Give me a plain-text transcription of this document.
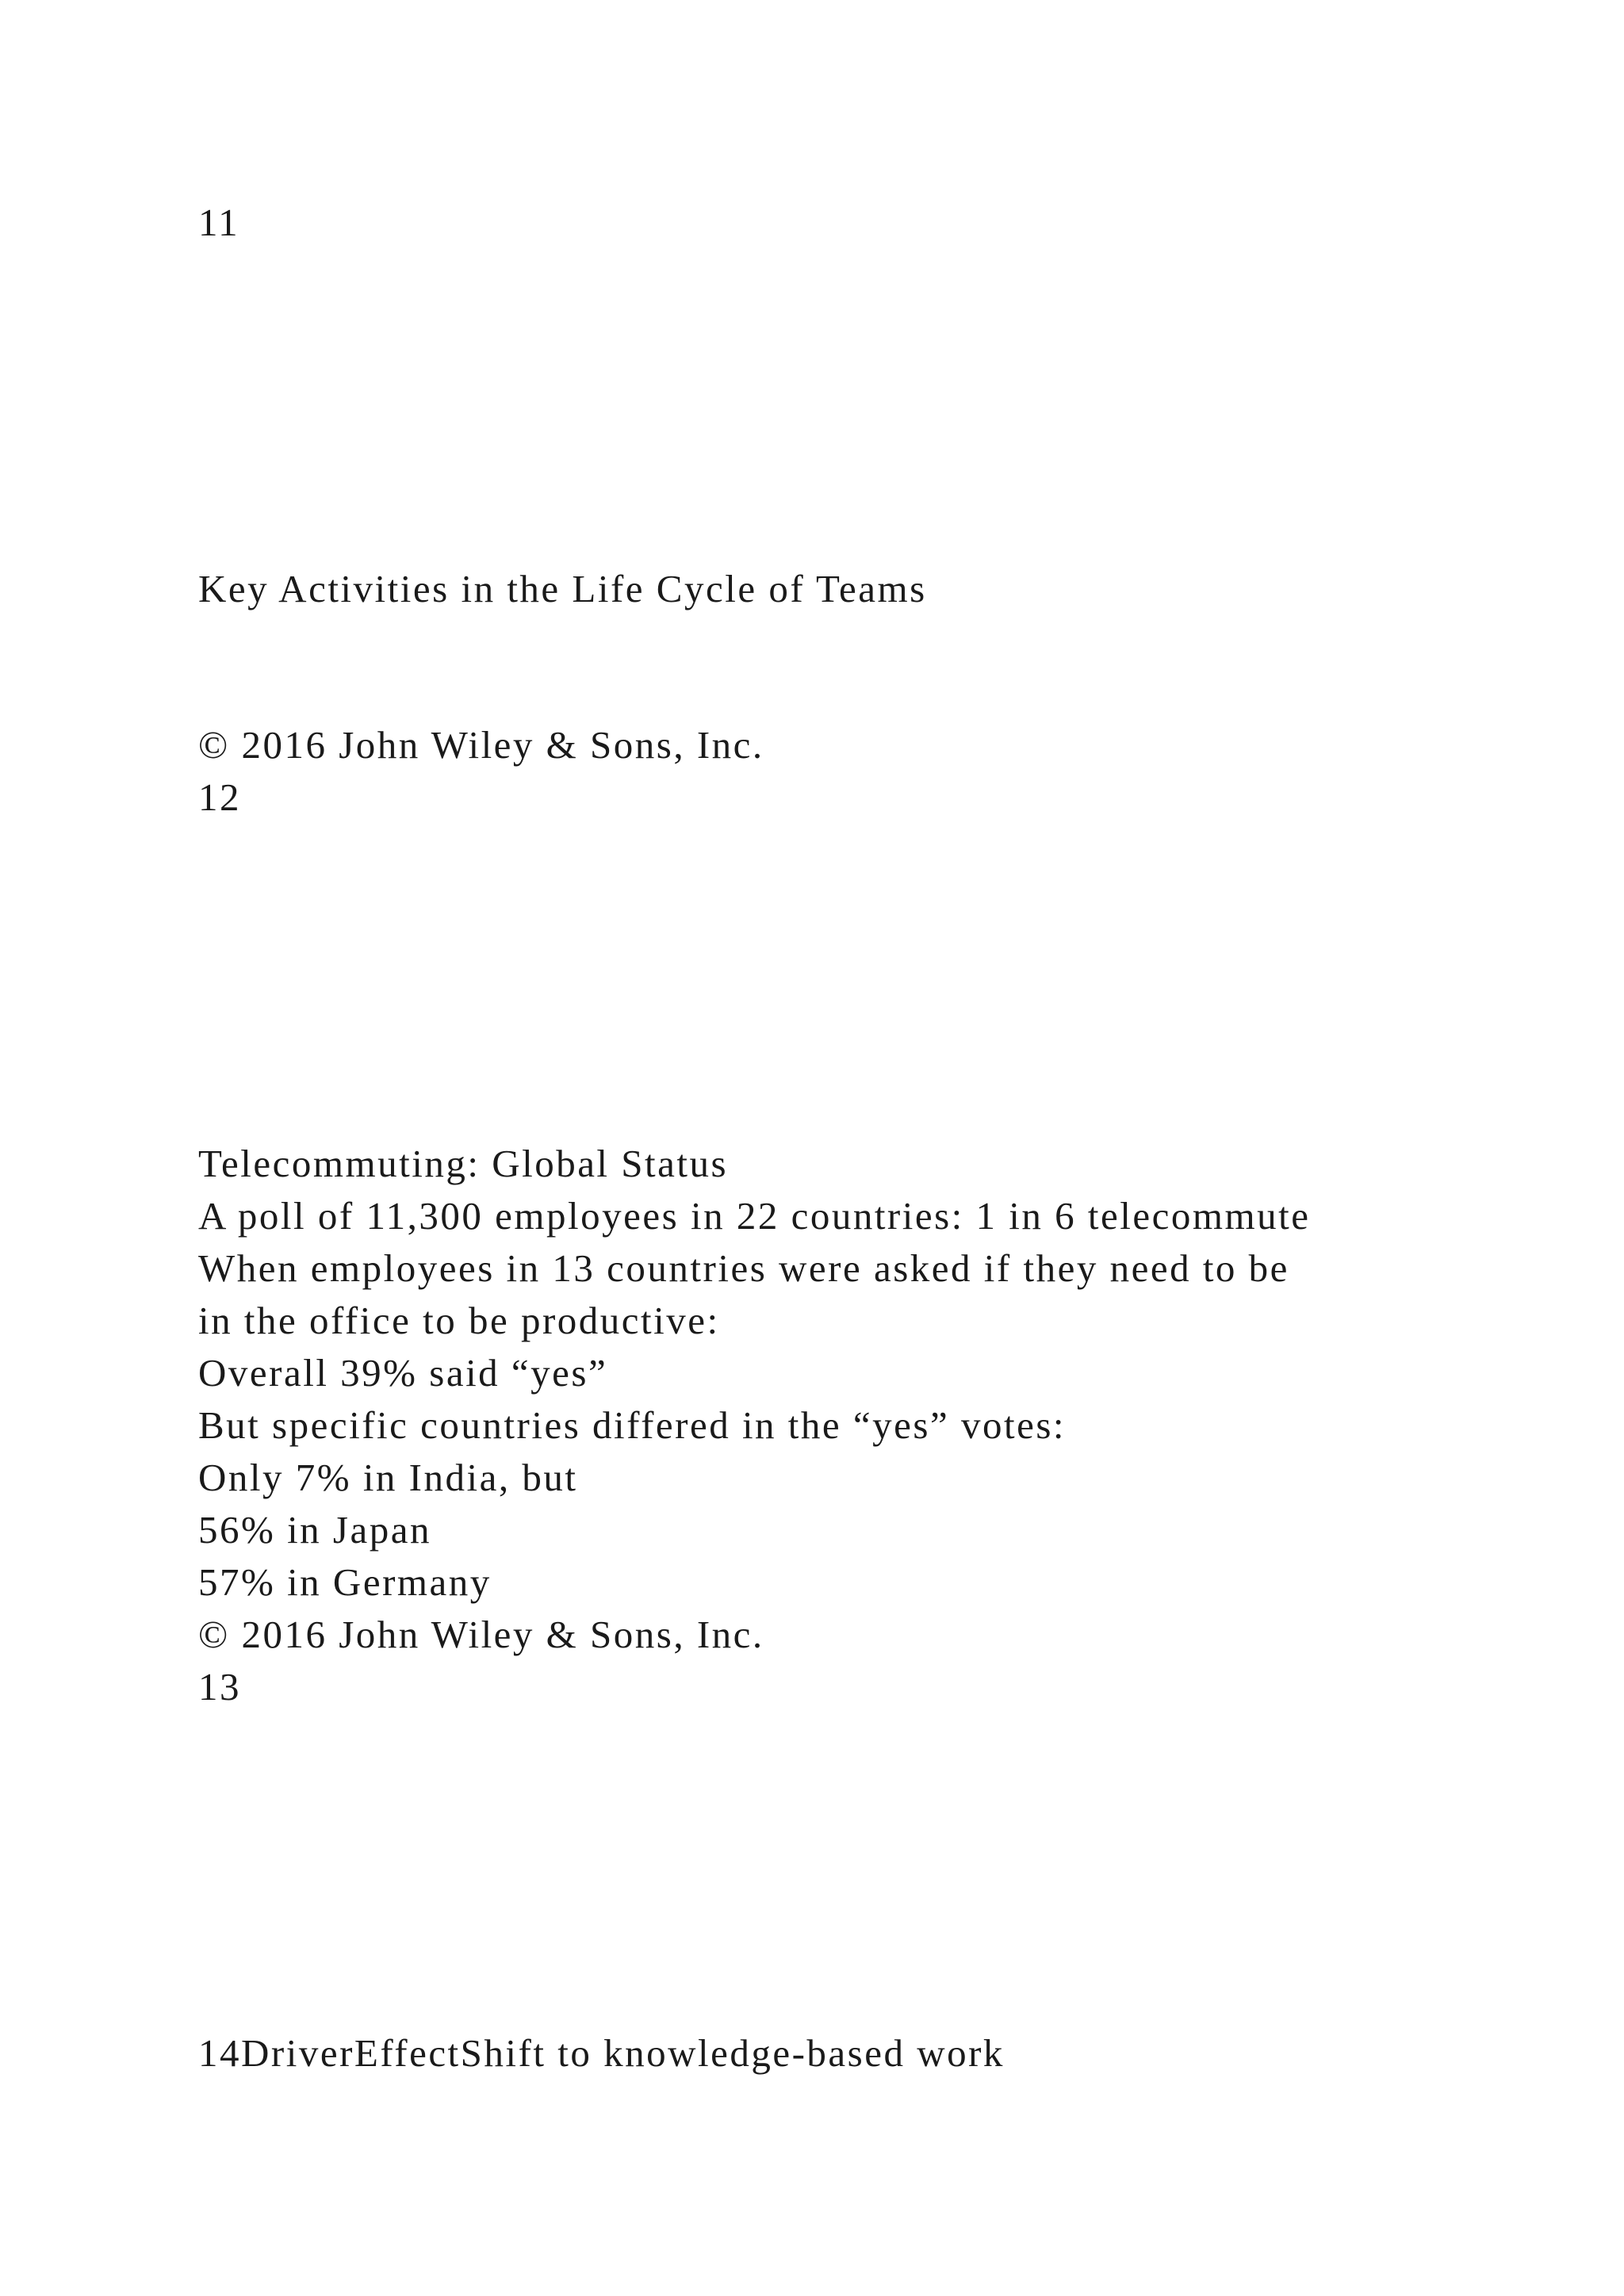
11

Key Activities in the Life Cycle of Teams

© 2016 John Wiley & Sons, Inc.

12

Telecommuting: Global Status

A poll of 11,300 employees in 22 countries: 1 in 6 telecommute

When employees in 13 countries were asked if they need to be

in the office to be productive:

Overall 39% said “yes”

But specific countries differed in the “yes” votes:

Only 7% in India, but

56% in Japan

57% in Germany

© 2016 John Wiley & Sons, Inc.

13

14DriverEffectShift to knowledge-based work
